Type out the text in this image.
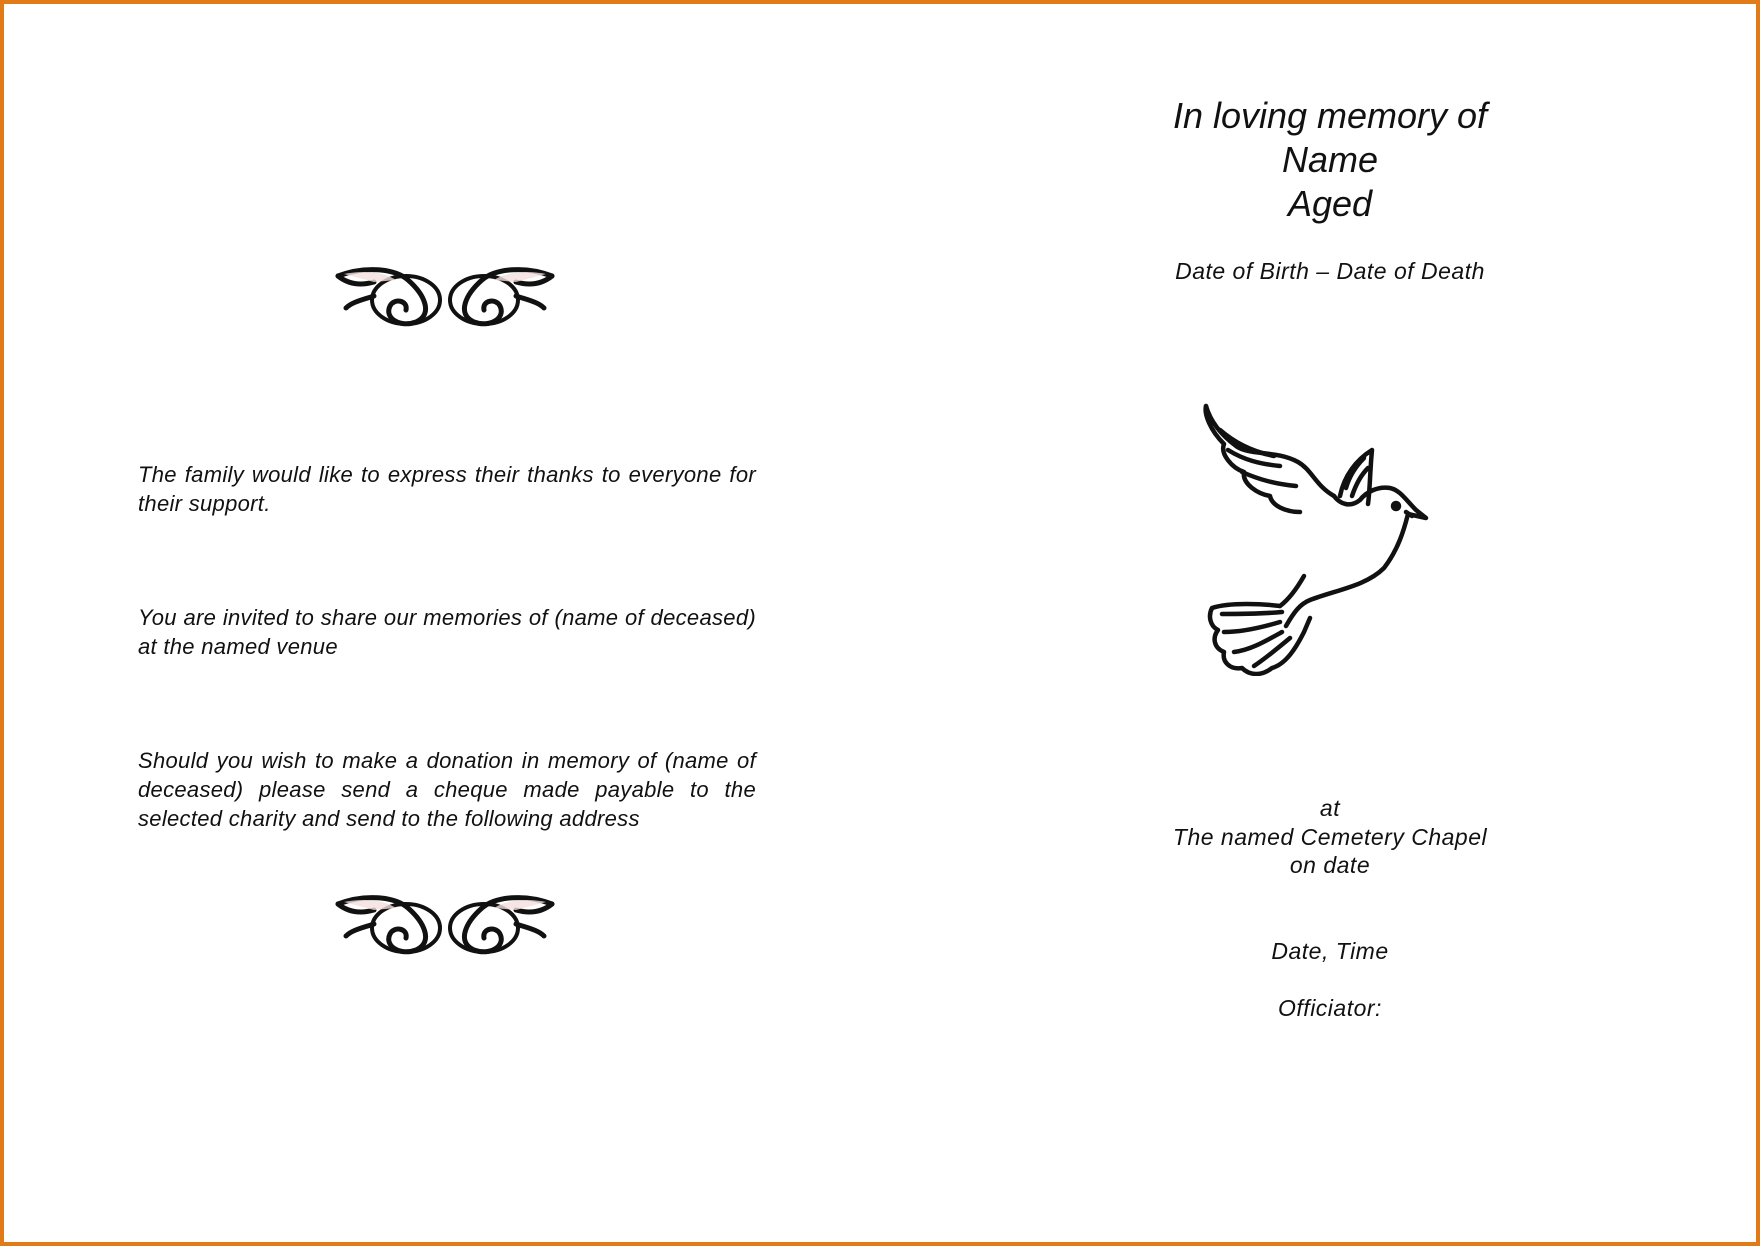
The family would like to express their thanks to everyone for their support.

You are invited to share our memories of (name of deceased) at the named venue

Should you wish to make a donation in memory of (name of deceased) please send a cheque made payable to the selected charity and send to the following address

In loving memory of
Name
Aged
Date of Birth – Date of Death
at
The named Cemetery Chapel
on date
Date, Time
Officiator:
